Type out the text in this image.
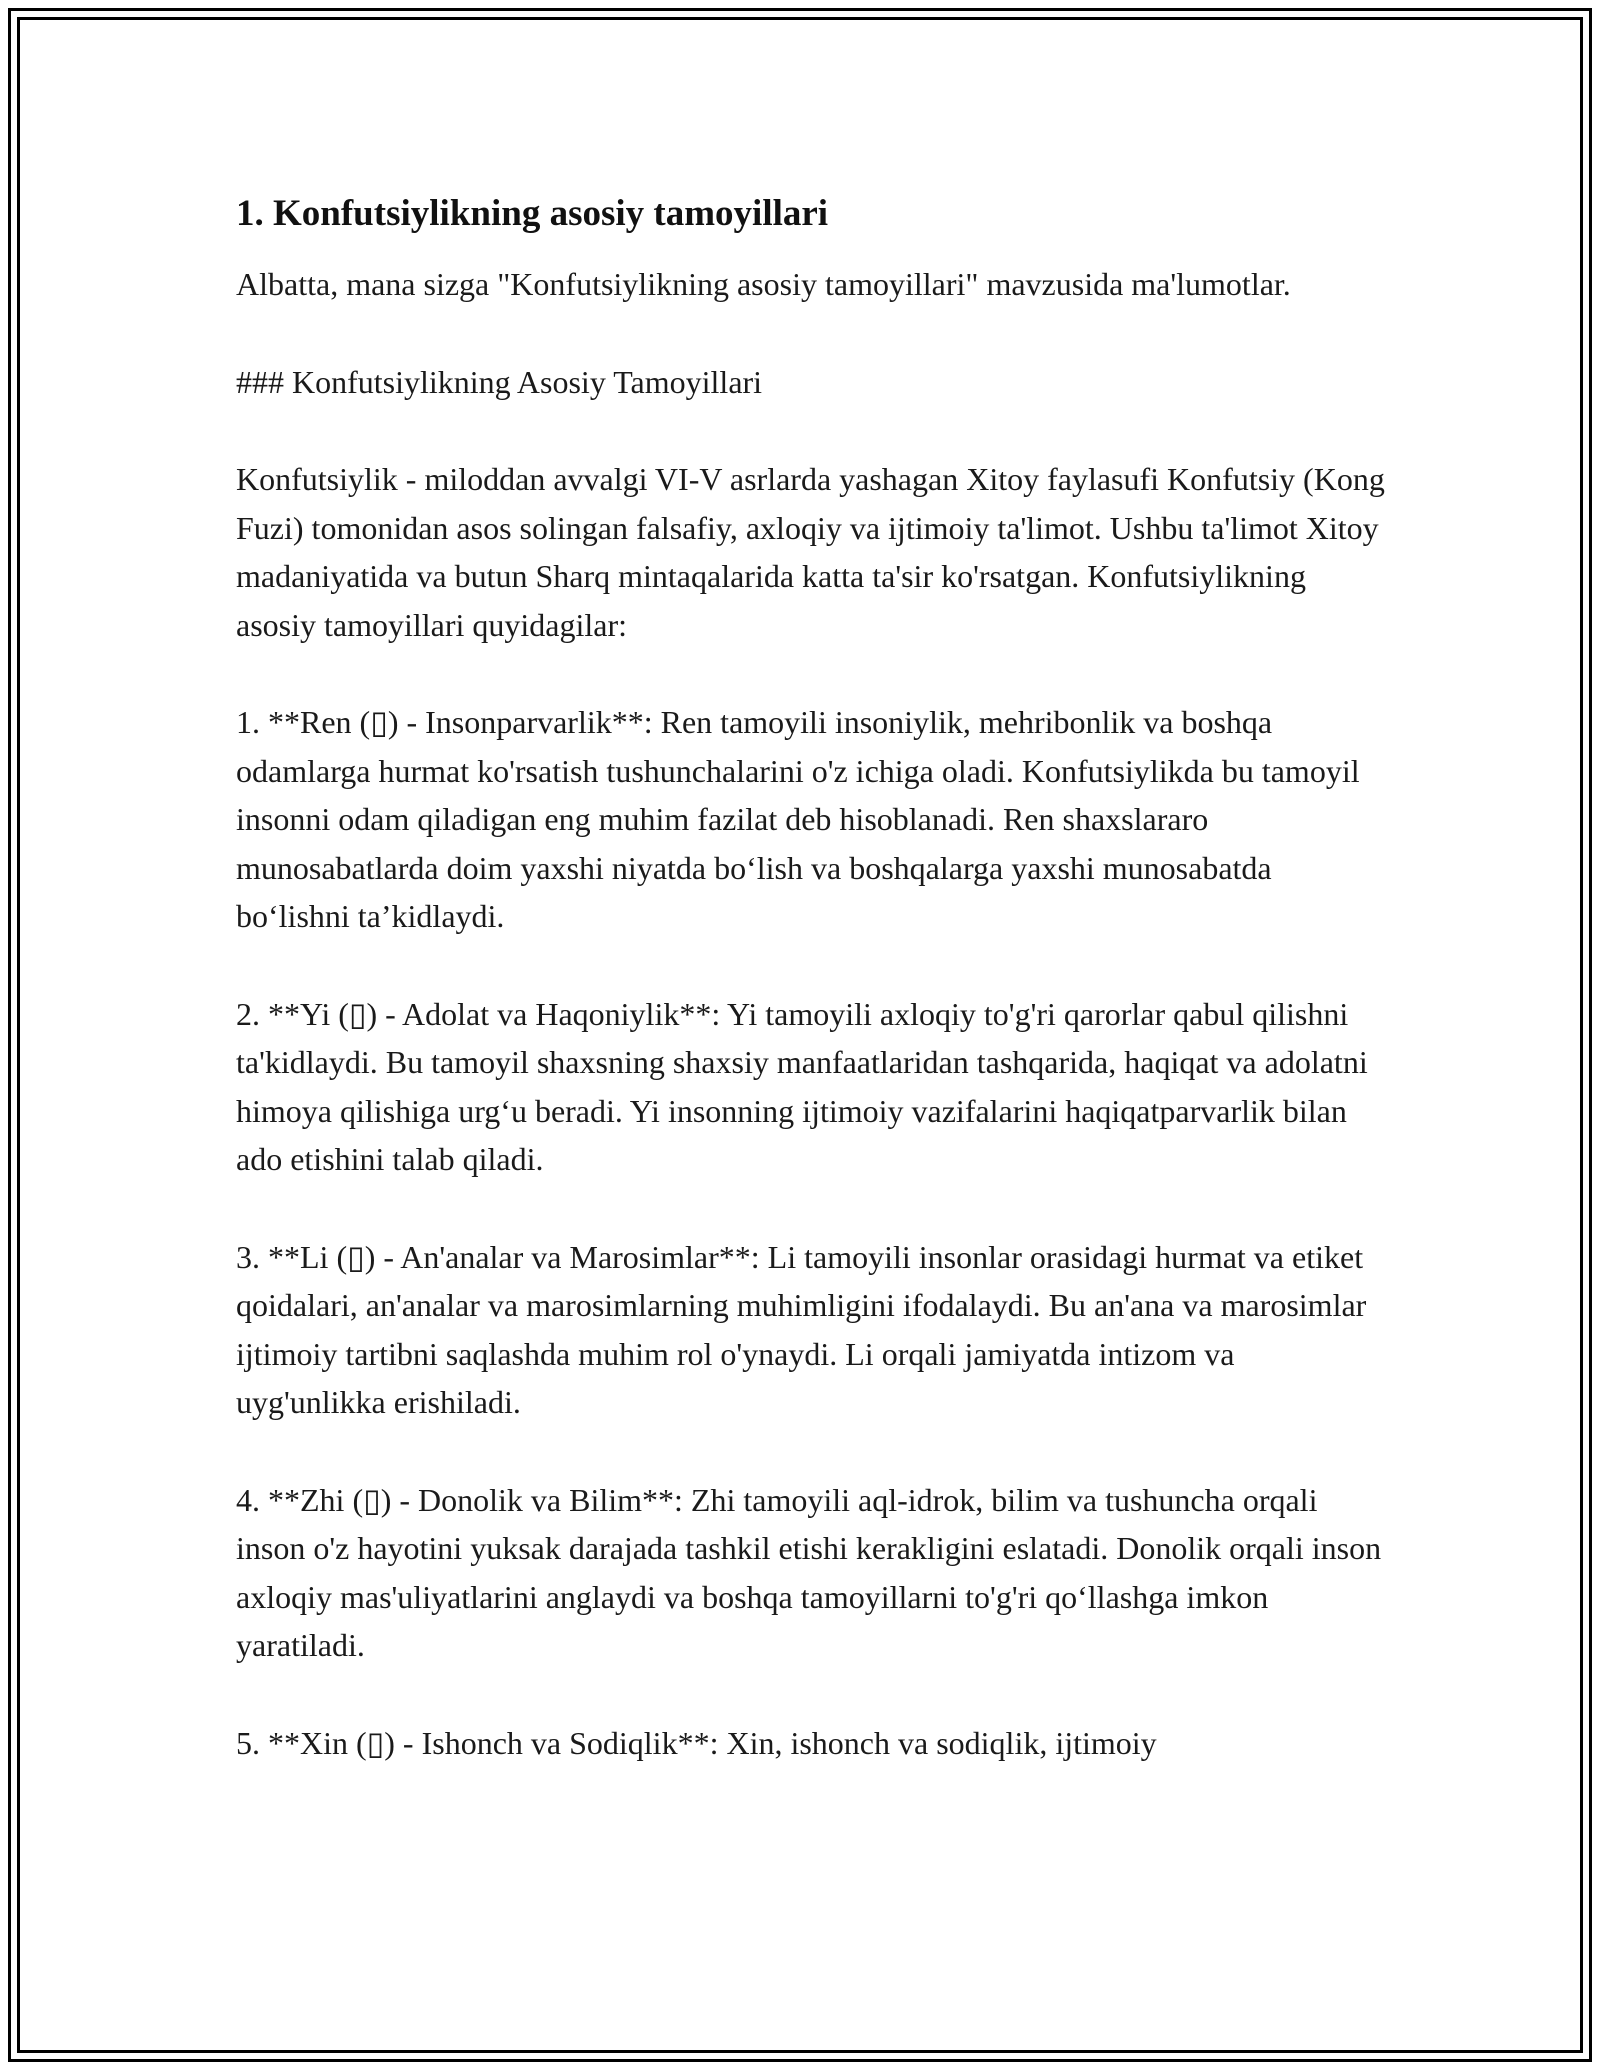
1. Konfutsiylikning asosiy tamoyillari

Albatta, mana sizga "Konfutsiylikning asosiy tamoyillari" mavzusida ma'lumotlar.

### Konfutsiylikning Asosiy Tamoyillari

Konfutsiylik - miloddan avvalgi VI-V asrlarda yashagan Xitoy faylasufi Konfutsiy (Kong Fuzi) tomonidan asos solingan falsafiy, axloqiy va ijtimoiy ta'limot. Ushbu ta'limot Xitoy madaniyatida va butun Sharq mintaqalarida katta ta'sir ko'rsatgan. Konfutsiylikning asosiy tamoyillari quyidagilar:

1. **Ren (▯) - Insonparvarlik**: Ren tamoyili insoniylik, mehribonlik va boshqa odamlarga hurmat ko'rsatish tushunchalarini o'z ichiga oladi. Konfutsiylikda bu tamoyil insonni odam qiladigan eng muhim fazilat deb hisoblanadi. Ren shaxslararo munosabatlarda doim yaxshi niyatda bo‘lish va boshqalarga yaxshi munosabatda bo‘lishni ta’kidlaydi.

2. **Yi (▯) - Adolat va Haqoniylik**: Yi tamoyili axloqiy to'g'ri qarorlar qabul qilishni ta'kidlaydi. Bu tamoyil shaxsning shaxsiy manfaatlaridan tashqarida, haqiqat va adolatni himoya qilishiga urg‘u beradi. Yi insonning ijtimoiy vazifalarini haqiqatparvarlik bilan ado etishini talab qiladi.

3. **Li (▯) - An'analar va Marosimlar**: Li tamoyili insonlar orasidagi hurmat va etiket qoidalari, an'analar va marosimlarning muhimligini ifodalaydi. Bu an'ana va marosimlar ijtimoiy tartibni saqlashda muhim rol o'ynaydi. Li orqali jamiyatda intizom va uyg'unlikka erishiladi.

4. **Zhi (▯) - Donolik va Bilim**: Zhi tamoyili aql-idrok, bilim va tushuncha orqali inson o'z hayotini yuksak darajada tashkil etishi kerakligini eslatadi. Donolik orqali inson axloqiy mas'uliyatlarini anglaydi va boshqa tamoyillarni to'g'ri qo‘llashga imkon yaratiladi.

5. **Xin (▯) - Ishonch va Sodiqlik**: Xin, ishonch va sodiqlik, ijtimoiy
